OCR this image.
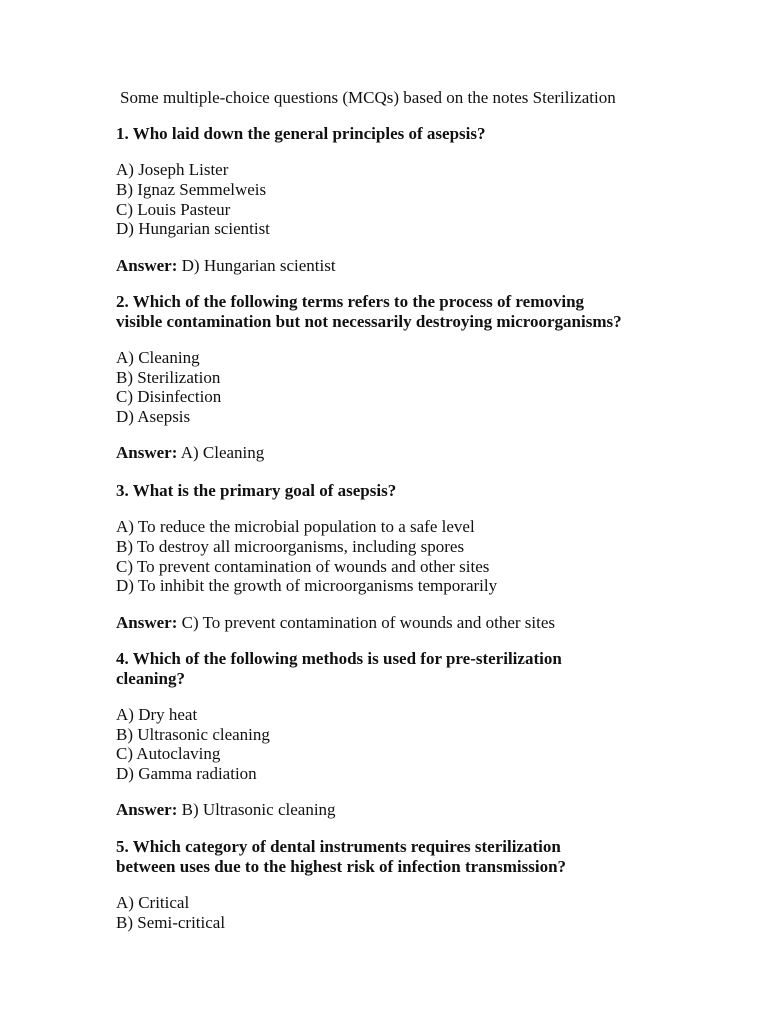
Some multiple-choice questions (MCQs) based on the notes Sterilization
1. Who laid down the general principles of asepsis?
A) Joseph Lister
B) Ignaz Semmelweis
C) Louis Pasteur
D) Hungarian scientist
Answer: D) Hungarian scientist
2. Which of the following terms refers to the process of removing
visible contamination but not necessarily destroying microorganisms?
A) Cleaning
B) Sterilization
C) Disinfection
D) Asepsis
Answer: A) Cleaning
3. What is the primary goal of asepsis?
A) To reduce the microbial population to a safe level
B) To destroy all microorganisms, including spores
C) To prevent contamination of wounds and other sites
D) To inhibit the growth of microorganisms temporarily
Answer: C) To prevent contamination of wounds and other sites
4. Which of the following methods is used for pre-sterilization
cleaning?
A) Dry heat
B) Ultrasonic cleaning
C) Autoclaving
D) Gamma radiation
Answer: B) Ultrasonic cleaning
5. Which category of dental instruments requires sterilization
between uses due to the highest risk of infection transmission?
A) Critical
B) Semi-critical
